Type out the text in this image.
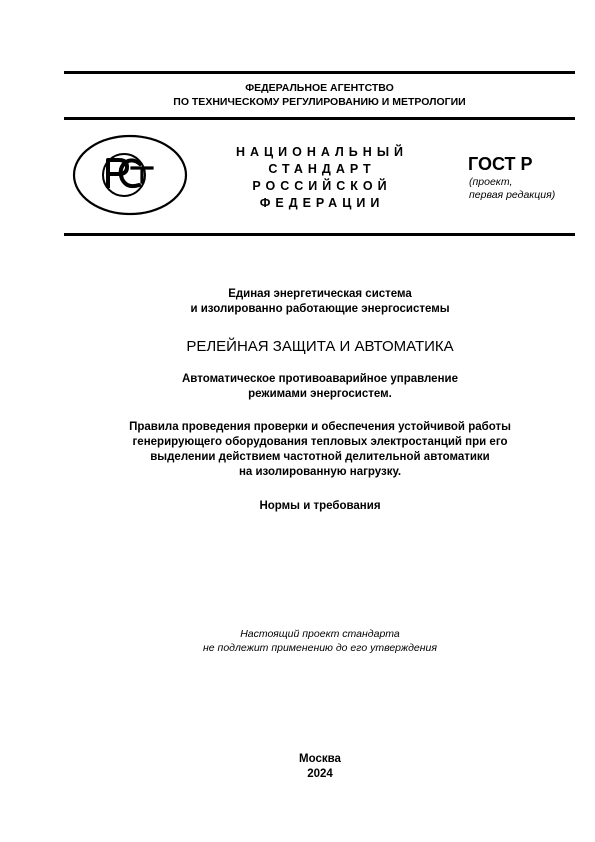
ФЕДЕРАЛЬНОЕ АГЕНТСТВО
ПО ТЕХНИЧЕСКОМУ РЕГУЛИРОВАНИЮ И МЕТРОЛОГИИ
НАЦИОНАЛЬНЫЙ
СТАНДАРТ
РОССИЙСКОЙ
ФЕДЕРАЦИИ
ГОСТ Р
(проект,
первая редакция)
Единая энергетическая система
и изолированно работающие энергосистемы
РЕЛЕЙНАЯ ЗАЩИТА И АВТОМАТИКА
Автоматическое противоаварийное управление
режимами энергосистем.
Правила проведения проверки и обеспечения устойчивой работы
генерирующего оборудования тепловых электростанций при его
выделении действием частотной делительной автоматики
на изолированную нагрузку.
Нормы и требования
Настоящий проект стандарта
не подлежит применению до его утверждения
Москва
2024
